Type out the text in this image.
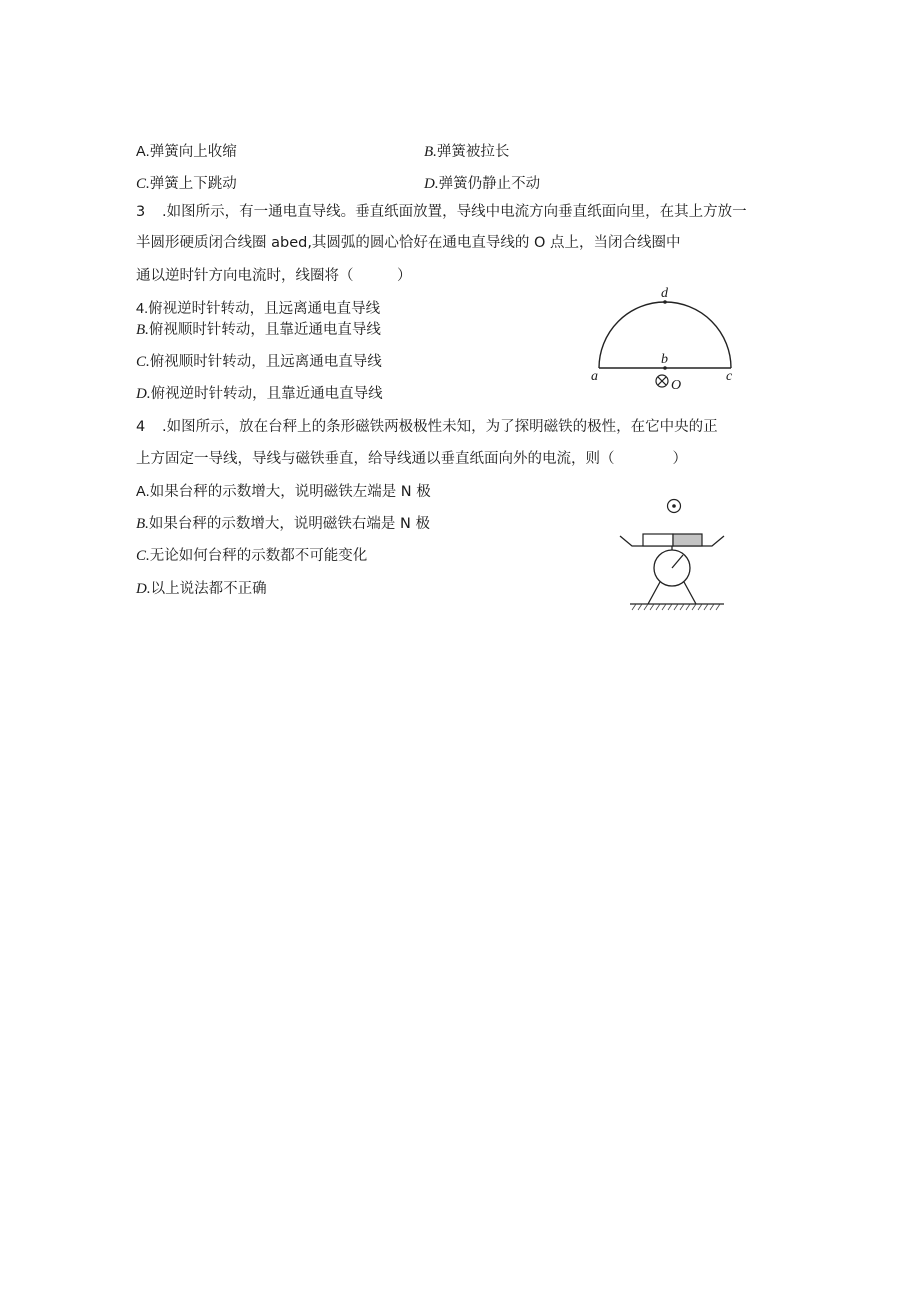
A.弹簧向上收缩	B.弹簧被拉长
C.弹簧上下跳动	D.弹簧仍静止不动
3 .如图所示，有一通电直导线。垂直纸面放置，导线中电流方向垂直纸面向里，在其上方放一
半圆形硬质闭合线圈 abed,其圆弧的圆心恰好在通电直导线的 O 点上，当闭合线圈中
通以逆时针方向电流时，线圈将（　　　）
4.俯视逆时针转动，且远离通电直导线
B.俯视顺时针转动，且靠近通电直导线
C.俯视顺时针转动，且远离通电直导线
D.俯视逆时针转动，且靠近通电直导线
d
b
a	c
O
4 .如图所示，放在台秤上的条形磁铁两极极性未知，为了探明磁铁的极性，在它中央的正
上方固定一导线，导线与磁铁垂直，给导线通以垂直纸面向外的电流，则（　　　　）
A.如果台秤的示数增大，说明磁铁左端是 N 极
B.如果台秤的示数增大，说明磁铁右端是 N 极
C.无论如何台秤的示数都不可能变化
D.以上说法都不正确
